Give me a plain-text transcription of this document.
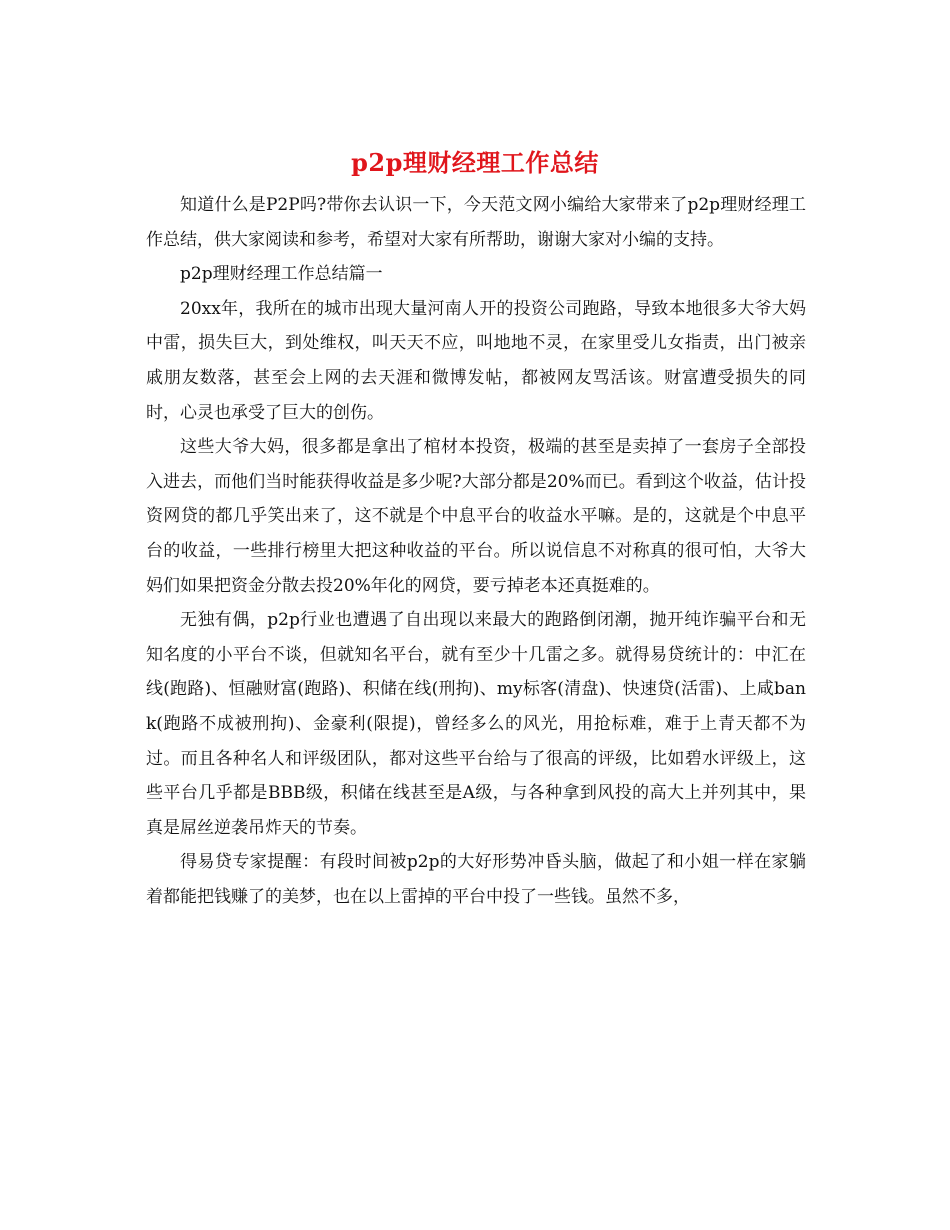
p2p理财经理工作总结

知道什么是P2P吗?带你去认识一下，今天范文网小编给大家带来了p2p理财经理工作总结，供大家阅读和参考，希望对大家有所帮助，谢谢大家对小编的支持。

p2p理财经理工作总结篇一

20xx年，我所在的城市出现大量河南人开的投资公司跑路，导致本地很多大爷大妈中雷，损失巨大，到处维权，叫天天不应，叫地地不灵，在家里受儿女指责，出门被亲戚朋友数落，甚至会上网的去天涯和微博发帖，都被网友骂活该。财富遭受损失的同时，心灵也承受了巨大的创伤。

这些大爷大妈，很多都是拿出了棺材本投资，极端的甚至是卖掉了一套房子全部投入进去，而他们当时能获得收益是多少呢?大部分都是20%而已。看到这个收益，估计投资网贷的都几乎笑出来了，这不就是个中息平台的收益水平嘛。是的，这就是个中息平台的收益，一些排行榜里大把这种收益的平台。所以说信息不对称真的很可怕，大爷大妈们如果把资金分散去投20%年化的网贷，要亏掉老本还真挺难的。

无独有偶，p2p行业也遭遇了自出现以来最大的跑路倒闭潮，抛开纯诈骗平台和无知名度的小平台不谈，但就知名平台，就有至少十几雷之多。就得易贷统计的：中汇在线(跑路)、恒融财富(跑路)、积储在线(刑拘)、my标客(清盘)、快速贷(活雷)、上咸bank(跑路不成被刑拘)、金豪利(限提)，曾经多么的风光，用抢标难，难于上青天都不为过。而且各种名人和评级团队，都对这些平台给与了很高的评级，比如碧水评级上，这些平台几乎都是BBB级，积储在线甚至是A级，与各种拿到风投的高大上并列其中，果真是屌丝逆袭吊炸天的节奏。

得易贷专家提醒：有段时间被p2p的大好形势冲昏头脑，做起了和小姐一样在家躺着都能把钱赚了的美梦，也在以上雷掉的平台中投了一些钱。虽然不多，
